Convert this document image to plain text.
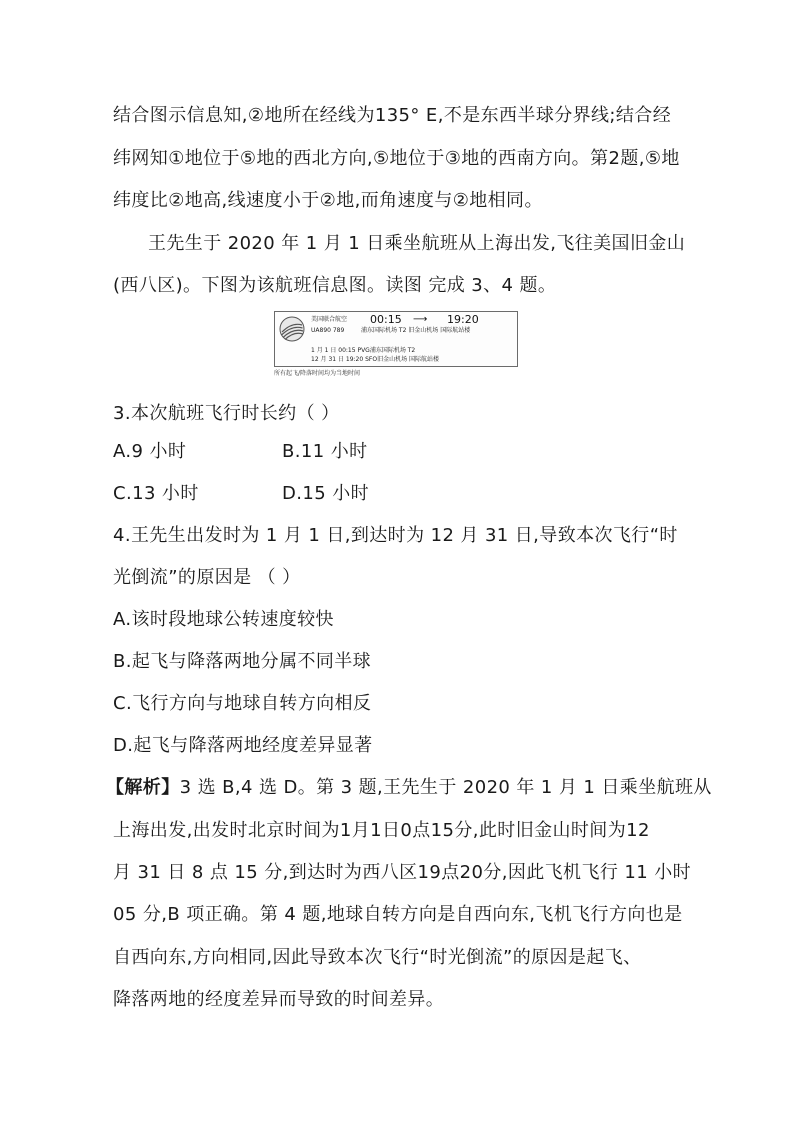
结合图示信息知,②地所在经线为135° E,不是东西半球分界线;结合经
纬网知①地位于⑤地的西北方向,⑤地位于③地的西南方向。第2题,⑤地
纬度比②地高,线速度小于②地,而角速度与②地相同。
王先生于 2020 年 1 月 1 日乘坐航班从上海出发,飞往美国旧金山
(西八区)。下图为该航班信息图。读图 完成 3、4 题。
美国联合航空 00:15 ⟶ 19:20
UA890 789	浦东国际机场 T2 旧金山机场 国际航站楼
1 月 1 日 00:15 PVG浦东国际机场 T2
12 月 31 日 19:20 SFO旧金山机场 国际航站楼
所有起飞/降落时间均为当地时间
3.本次航班飞行时长约（ ）
A.9 小时	B.11 小时
C.13 小时	D.15 小时
4.王先生出发时为 1 月 1 日,到达时为 12 月 31 日,导致本次飞行“时
光倒流”的原因是 （ ）
A.该时段地球公转速度较快
B.起飞与降落两地分属不同半球
C.飞行方向与地球自转方向相反
D.起飞与降落两地经度差异显著
【解析】3 选 B,4 选 D。第 3 题,王先生于 2020 年 1 月 1 日乘坐航班从
上海出发,出发时北京时间为1月1日0点15分,此时旧金山时间为12
月 31 日 8 点 15 分,到达时为西八区19点20分,因此飞机飞行 11 小时
05 分,B 项正确。第 4 题,地球自转方向是自西向东,飞机飞行方向也是
自西向东,方向相同,因此导致本次飞行“时光倒流”的原因是起飞、
降落两地的经度差异而导致的时间差异。
